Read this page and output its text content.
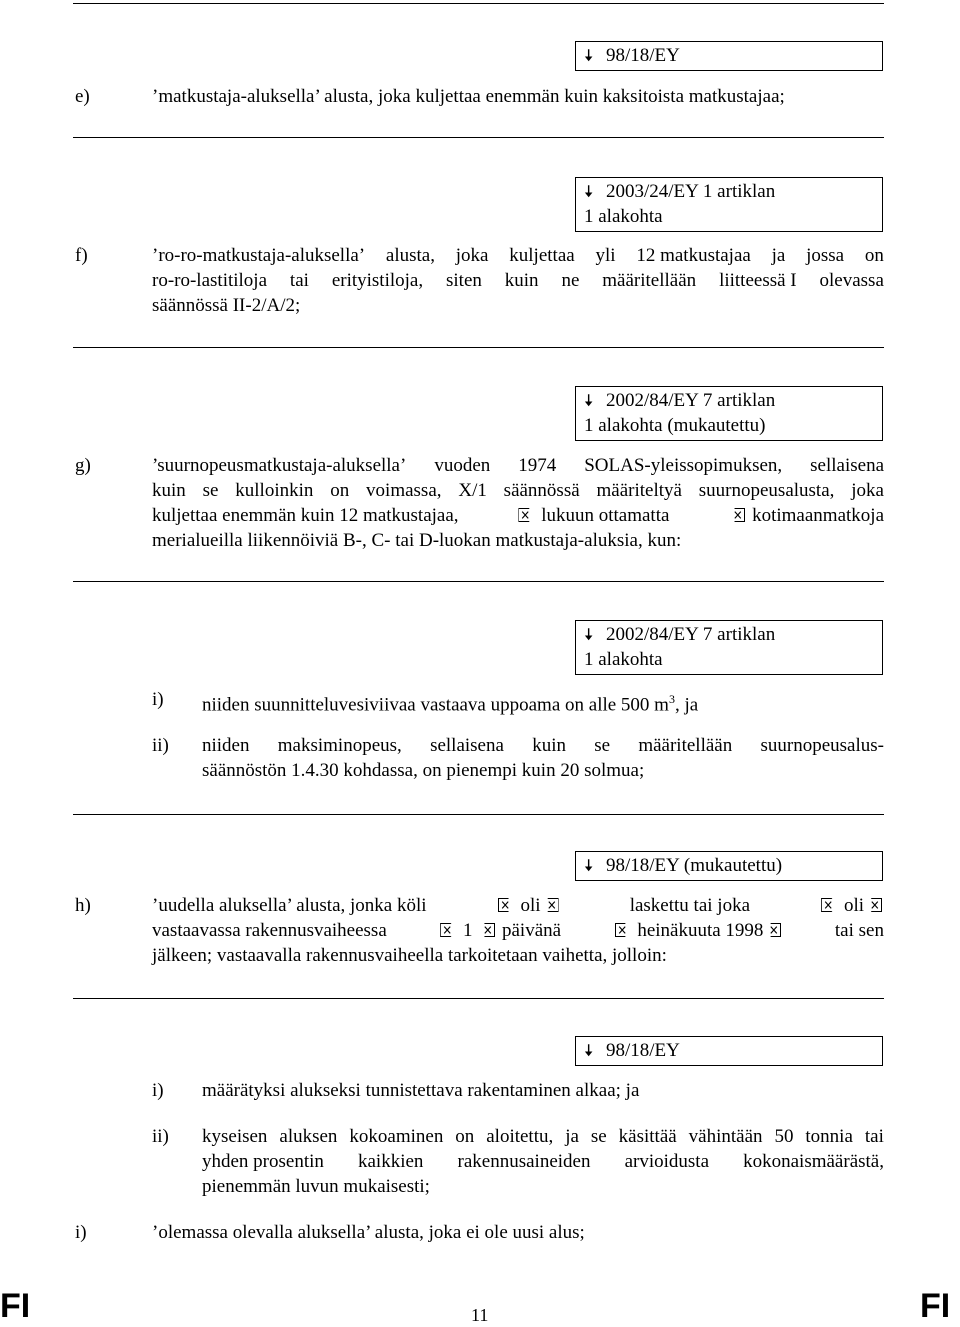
🠇 98/18/EY
🠇 2003/24/EY 1 artiklan
1 alakohta
🠇 2002/84/EY 7 artiklan
1 alakohta (mukautettu)
🠇 2002/84/EY 7 artiklan
1 alakohta
🠇 98/18/EY (mukautettu)
🠇 98/18/EY
e)	’matkustaja-aluksella’ alusta, joka kuljettaa enemmän kuin kaksitoista matkustajaa;
f)	’ro-ro-matkustaja-aluksella’ alusta, joka kuljettaa yli 12 matkustajaa ja jossa on
ro-ro-lastitiloja tai erityistiloja, siten kuin ne määritellään liitteessä I olevassa
säännössä II-2/A/2;
g)	’suurnopeusmatkustaja-aluksella’ vuoden 1974 SOLAS-yleissopimuksen, sellaisena
kuin se kulloinkin on voimassa, X/1 säännössä määriteltyä suurnopeusalusta, joka
kuljettaa enemmän kuin 12 matkustajaa,	lukuun ottamatta	kotimaanmatkoja
merialueilla liikennöiviä B-, C- tai D-luokan matkustaja-aluksia, kun:
i) niiden suunnitteluvesiviivaa vastaava uppoama on alle 500 $m^3$, ja
ii) niiden maksiminopeus, sellaisena kuin se määritellään suurnopeusalus-
säännöstön 1.4.30 kohdassa, on pienempi kuin 20 solmua;
h)	’uudella aluksella’ alusta, jonka köli	oli	laskettu tai joka	oli
vastaavassa rakennusvaiheessa	1 päivänä	heinäkuuta 1998	tai sen
jälkeen; vastaavalla rakennusvaiheella tarkoitetaan vaihetta, jolloin:
i) määrätyksi alukseksi tunnistettava rakentaminen alkaa; ja
ii) kyseisen aluksen kokoaminen on aloitettu, ja se käsittää vähintään 50 tonnia tai
yhden prosentin kaikkien rakennusaineiden arvioidusta kokonaismäärästä,
pienemmän luvun mukaisesti;
i)	’olemassa olevalla aluksella’ alusta, joka ei ole uusi alus;
FI	11	FI
